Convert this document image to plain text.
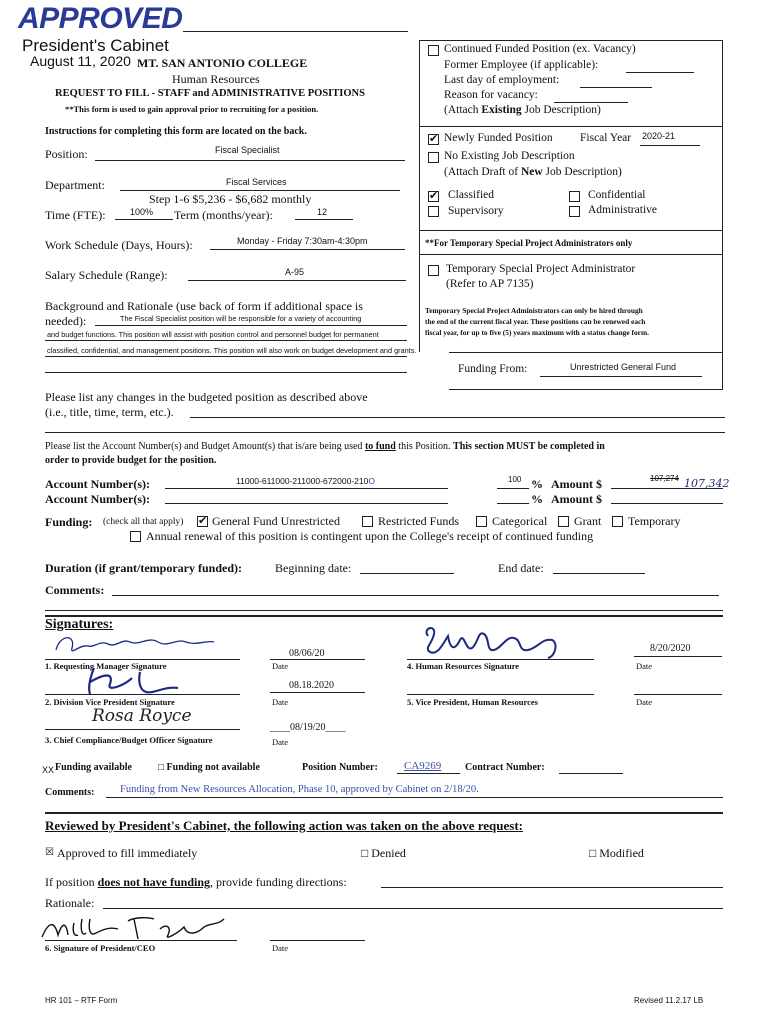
APPROVED
President's Cabinet
August 11, 2020 MT. SAN ANTONIO COLLEGE
Human Resources
REQUEST TO FILL - STAFF and ADMINISTRATIVE POSITIONS
**This form is used to gain approval prior to recruiting for a position.
Instructions for completing this form are located on the back.
Continued Funded Position (ex. Vacancy)
Former Employee (if applicable):
Last day of employment:
Reason for vacancy:
(Attach Existing Job Description)
✔
Newly Funded Position Fiscal Year 2020-21
No Existing Job Description
(Attach Draft of New Job Description)
✔
Classified
Supervisory
Confidential
Administrative
**For Temporary Special Project Administrators only
Temporary Special Project Administrator
(Refer to AP 7135)
Temporary Special Project Administrators can only be hired through
the end of the current fiscal year. These positions can be renewed each
fiscal year, for up to five (5) years maximum with a status change form.
Funding From:	Unrestricted General Fund
Position:	Fiscal Specialist
Department:	Fiscal Services
Step 1-6 $5,236 - $6,682 monthly
Time (FTE):	100% Term (months/year):	12
Work Schedule (Days, Hours):	Monday - Friday 7:30am-4:30pm
Salary Schedule (Range):	A-95
Background and Rationale (use back of form if additional space is
needed):	The Fiscal Specialist position will be responsible for a variety of accounting
and budget functions. This position will assist with position control and personnel budget for permanent
classified, confidential, and management positions. This position will also work on budget development and grants.
Please list any changes in the budgeted position as described above
(i.e., title, time, term, etc.).
Please list the Account Number(s) and Budget Amount(s) that is/are being used to fund this Position. This section MUST be completed in
order to provide budget for the position.
Account Number(s):	11000-611000-211000-672000-210O	100 % Amount $	107,274 107,342
Account Number(s):	% Amount $
Funding: (check all that apply)
✔ General Fund Unrestricted	Restricted Funds	Categorical Grant Temporary
Annual renewal of this position is contingent upon the College's receipt of continued funding
Duration (if grant/temporary funded):	Beginning date:	End date:
Comments:
Signatures:
1. Requesting Manager Signature
08/06/20
Date
2. Division Vice President Signature
08.18.2020
Date
Rosa Royce
3. Chief Compliance/Budget Officer Signature
____08/19/20____
Date
4. Human Resources Signature
8/20/2020
Date
5. Vice President, Human Resources	Date
XX Funding available	□ Funding not available	Position Number: CA9269 Contract Number:
Comments: Funding from New Resources Allocation, Phase 10, approved by Cabinet on 2/18/20.
Reviewed by President's Cabinet, the following action was taken on the above request:
☒ Approved to fill immediately	□ Denied	□ Modified
If position does not have funding, provide funding directions:
Rationale:
6. Signature of President/CEO	Date
HR 101 – RTF Form	Revised 11.2.17 LB
